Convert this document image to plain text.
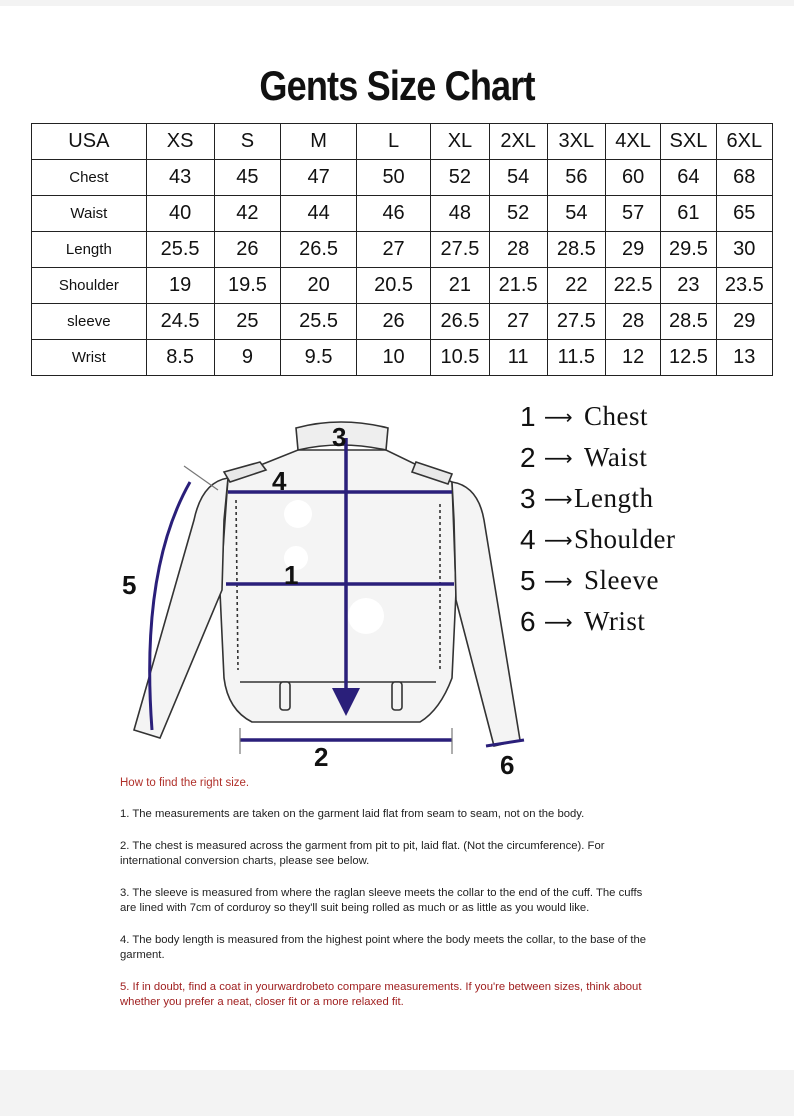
Gents Size Chart
USA	XS	S	M	L	XL	2XL	3XL	4XL	SXL	6XL
Chest	43	45	47	50	52	54	56	60	64	68
Waist	40	42	44	46	48	52	54	57	61	65
Length	25.5	26	26.5	27	27.5	28	28.5	29	29.5	30
Shoulder	19	19.5	20	20.5	21	21.5	22	22.5	23	23.5
sleeve	24.5	25	25.5	26	26.5	27	27.5	28	28.5	29
Wrist	8.5	9	9.5	10	10.5	11	11.5	12	12.5	13
1
2
3
4
5
6
1 ⟶ Chest
2 ⟶ Waist
3 ⟶ Length
4 ⟶ Shoulder
5 ⟶ Sleeve
6 ⟶ Wrist
How to find the right size.

1. The measurements are taken on the garment laid flat from seam to seam, not on the body.

2. The chest is measured across the garment from pit to pit, laid flat. (Not the circumference). For international conversion charts, please see below.

3. The sleeve is measured from where the raglan sleeve meets the collar to the end of the cuff. The cuffs are lined with 7cm of corduroy so they'll suit being rolled as much or as little as you would like.

4. The body length is measured from the highest point where the body meets the collar, to the base of the garment.

5. If in doubt, find a coat in yourwardrobeto compare measurements. If you're between sizes, think about whether you prefer a neat, closer fit or a more relaxed fit.
